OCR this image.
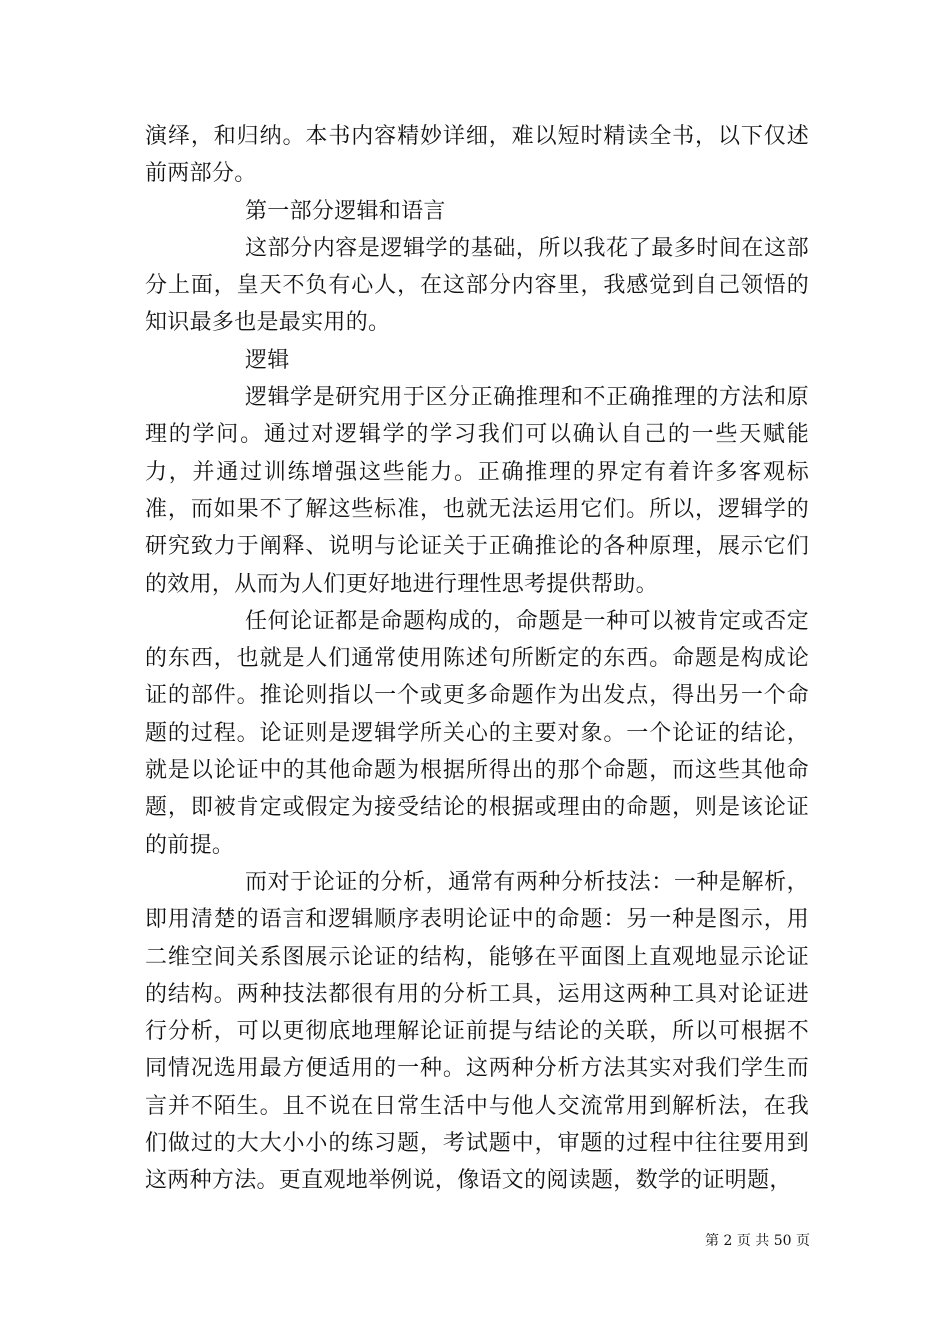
演绎，和归纳。本书内容精妙详细，难以短时精读全书，以下仅述前两部分。

第一部分逻辑和语言

这部分内容是逻辑学的基础，所以我花了最多时间在这部分上面，皇天不负有心人，在这部分内容里，我感觉到自己领悟的知识最多也是最实用的。

逻辑

逻辑学是研究用于区分正确推理和不正确推理的方法和原理的学问。通过对逻辑学的学习我们可以确认自己的一些天赋能力，并通过训练增强这些能力。正确推理的界定有着许多客观标准，而如果不了解这些标准，也就无法运用它们。所以，逻辑学的研究致力于阐释、说明与论证关于正确推论的各种原理，展示它们的效用，从而为人们更好地进行理性思考提供帮助。

任何论证都是命题构成的，命题是一种可以被肯定或否定的东西，也就是人们通常使用陈述句所断定的东西。命题是构成论证的部件。推论则指以一个或更多命题作为出发点，得出另一个命题的过程。论证则是逻辑学所关心的主要对象。一个论证的结论，就是以论证中的其他命题为根据所得出的那个命题，而这些其他命题，即被肯定或假定为接受结论的根据或理由的命题，则是该论证的前提。

而对于论证的分析，通常有两种分析技法：一种是解析，即用清楚的语言和逻辑顺序表明论证中的命题：另一种是图示，用二维空间关系图展示论证的结构，能够在平面图上直观地显示论证的结构。两种技法都很有用的分析工具，运用这两种工具对论证进行分析，可以更彻底地理解论证前提与结论的关联，所以可根据不同情况选用最方便适用的一种。这两种分析方法其实对我们学生而言并不陌生。且不说在日常生活中与他人交流常用到解析法，在我们做过的大大小小的练习题，考试题中，审题的过程中往往要用到这两种方法。更直观地举例说，像语文的阅读题，数学的证明题，

第 2 页 共 50 页
